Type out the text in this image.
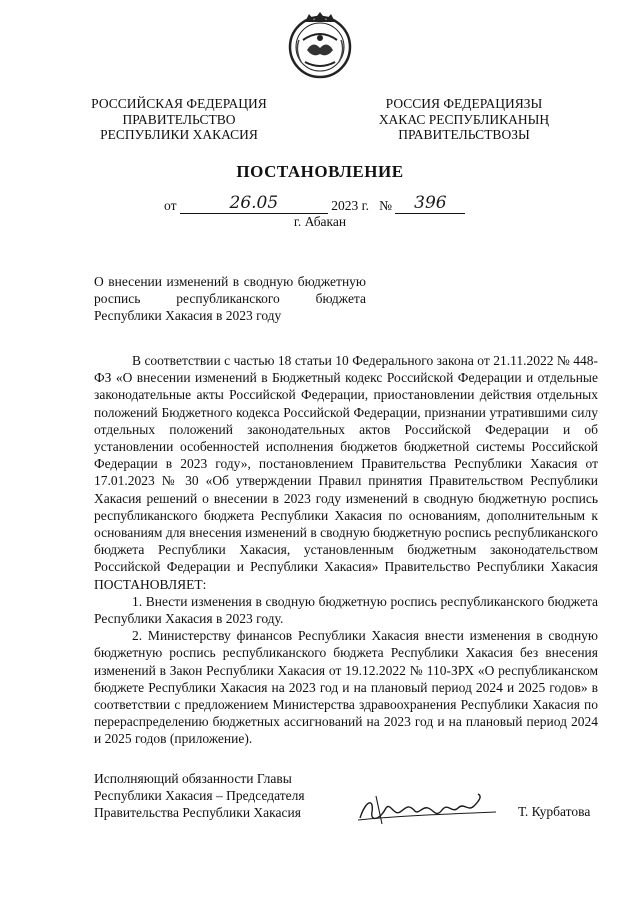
РОССИЙСКАЯ ФЕДЕРАЦИЯ
ПРАВИТЕЛЬСТВО
РЕСПУБЛИКИ ХАКАСИЯ
РОССИЯ ФЕДЕРАЦИЯЗЫ
ХАКАС РЕСПУБЛИКАНЫҢ
ПРАВИТЕЛЬСТВОЗЫ
ПОСТАНОВЛЕНИЕ
от	26.05	2023 г. № 396
г. Абакан

О внесении изменений в сводную бюджетную роспись республиканского бюджета Республики Хакасия в 2023 году

В соответствии с частью 18 статьи 10 Федерального закона от 21.11.2022 № 448-ФЗ «О внесении изменений в Бюджетный кодекс Российской Федерации и отдельные законодательные акты Российской Федерации, приостановлении действия отдельных положений Бюджетного кодекса Российской Федерации, признании утратившими силу отдельных положений законодательных актов Российской Федерации и об установлении особенностей исполнения бюджетов бюджетной системы Российской Федерации в 2023 году», постановлением Правительства Республики Хакасия от 17.01.2023 № 30 «Об утверждении Правил принятия Правительством Республики Хакасия решений о внесении в 2023 году изменений в сводную бюджетную роспись республиканского бюджета Республики Хакасия по основаниям, дополнительным к основаниям для внесения изменений в сводную бюджетную роспись республиканского бюджета Республики Хакасия, установленным бюджетным законодательством Российской Федерации и Республики Хакасия» Правительство Республики Хакасия ПОСТАНОВЛЯЕТ:

1. Внести изменения в сводную бюджетную роспись республиканского бюджета Республики Хакасия в 2023 году.

2. Министерству финансов Республики Хакасия внести изменения в сводную бюджетную роспись республиканского бюджета Республики Хакасия без внесения изменений в Закон Республики Хакасия от 19.12.2022 № 110-ЗРХ «О республиканском бюджете Республики Хакасия на 2023 год и на плановый период 2024 и 2025 годов» в соответствии с предложением Министерства здравоохранения Республики Хакасия по перераспределению бюджетных ассигнований на 2023 год и на плановый период 2024 и 2025 годов (приложение).

Исполняющий обязанности Главы
Республики Хакасия – Председателя
Правительства Республики Хакасия	Т. Курбатова
